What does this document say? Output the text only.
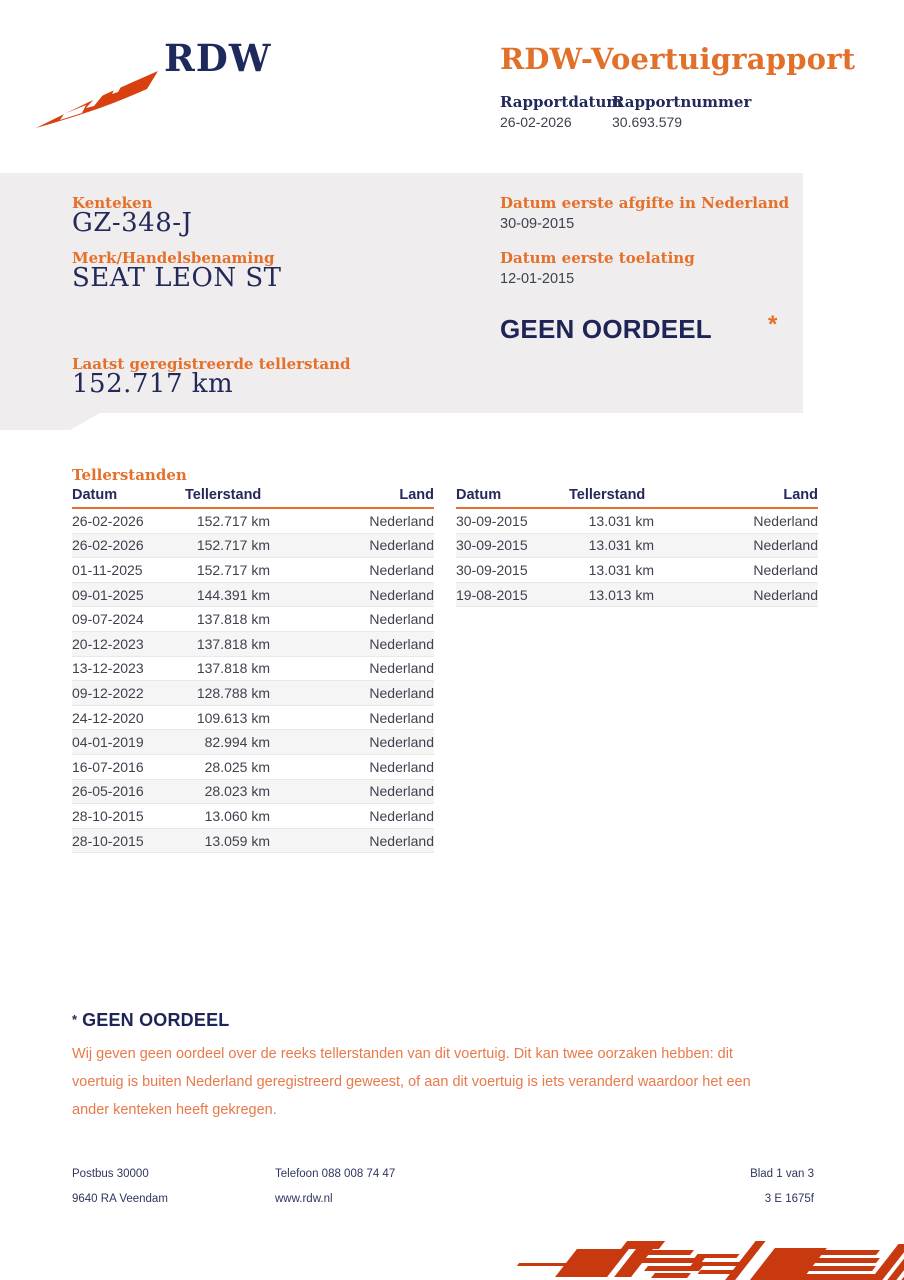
RDW	RDW-Voertuigrapport
Rapportdatum
Rapportnummer
26-02-2026	30.693.579
Kenteken
GZ-348-J
Merk/Handelsbenaming
SEAT LEON ST
Laatst geregistreerde tellerstand
152.717 km
Datum eerste afgifte in Nederland
30-09-2015
Datum eerste toelating
12-01-2015
GEEN OORDEEL *
Tellerstanden
Datum	Tellerstand	Land
26-02-2026	152.717 km	Nederland
26-02-2026	152.717 km	Nederland
01-11-2025	152.717 km	Nederland
09-01-2025	144.391 km	Nederland
09-07-2024	137.818 km	Nederland
20-12-2023	137.818 km	Nederland
13-12-2023	137.818 km	Nederland
09-12-2022	128.788 km	Nederland
24-12-2020	109.613 km	Nederland
04-01-2019	82.994 km	Nederland
16-07-2016	28.025 km	Nederland
26-05-2016	28.023 km	Nederland
28-10-2015	13.060 km	Nederland
28-10-2015	13.059 km	Nederland
Datum	Tellerstand	Land
30-09-2015	13.031 km	Nederland
30-09-2015	13.031 km	Nederland
30-09-2015	13.031 km	Nederland
19-08-2015	13.013 km	Nederland
* GEEN OORDEEL
Wij geven geen oordeel over de reeks tellerstanden van dit voertuig. Dit kan twee oorzaken hebben: dit voertuig is buiten Nederland geregistreerd geweest, of aan dit voertuig is iets veranderd waardoor het een ander kenteken heeft gekregen.
Postbus 30000	Telefoon 088 008 74 47	Blad 1 van 3
9640 RA Veendam	www.rdw.nl	3 E 1675f
